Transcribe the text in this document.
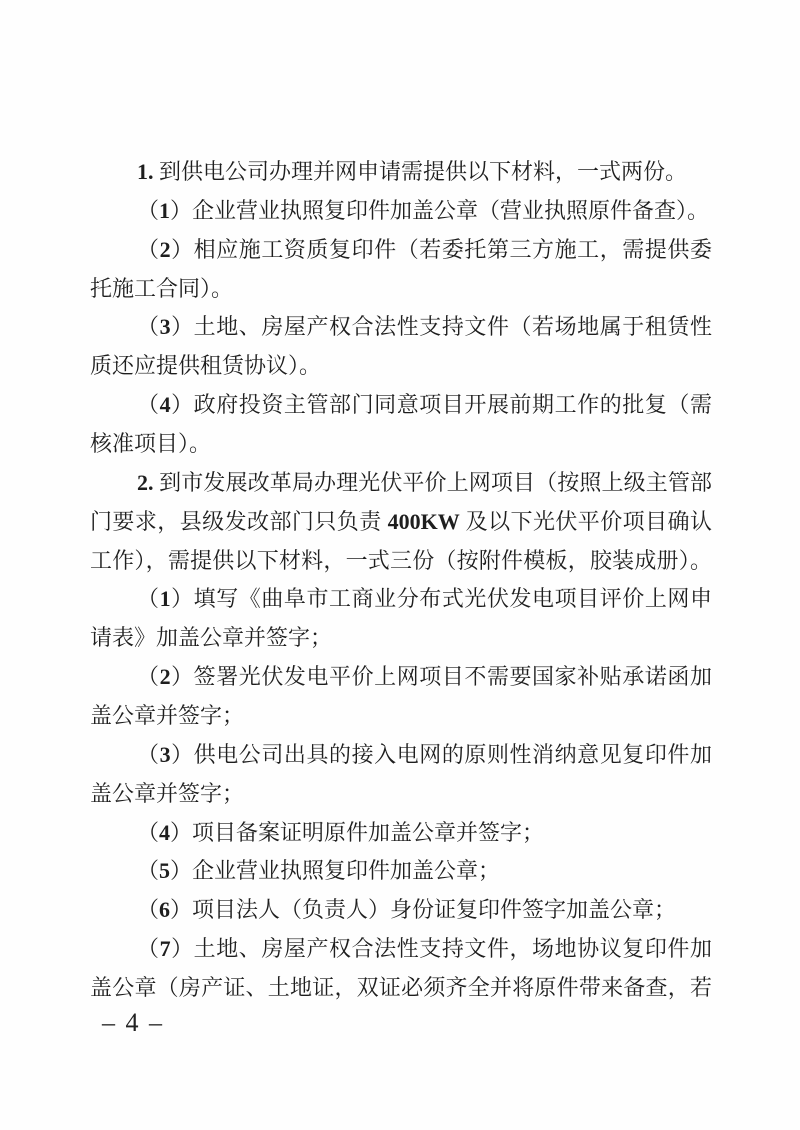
1. 到供电公司办理并网申请需提供以下材料，一式两份。
（1）企业营业执照复印件加盖公章（营业执照原件备查）。
（2）相应施工资质复印件（若委托第三方施工，需提供委
托施工合同）。
（3）土地、房屋产权合法性支持文件（若场地属于租赁性
质还应提供租赁协议）。
（4）政府投资主管部门同意项目开展前期工作的批复（需
核准项目）。
2. 到市发展改革局办理光伏平价上网项目（按照上级主管部
门要求，县级发改部门只负责 400KW 及以下光伏平价项目确认
工作），需提供以下材料，一式三份（按附件模板，胶装成册）。
（1）填写《曲阜市工商业分布式光伏发电项目评价上网申
请表》加盖公章并签字；
（2）签署光伏发电平价上网项目不需要国家补贴承诺函加
盖公章并签字；
（3）供电公司出具的接入电网的原则性消纳意见复印件加
盖公章并签字；
（4）项目备案证明原件加盖公章并签字；
（5）企业营业执照复印件加盖公章；
（6）项目法人（负责人）身份证复印件签字加盖公章；
（7）土地、房屋产权合法性支持文件，场地协议复印件加
盖公章（房产证、土地证，双证必须齐全并将原件带来备查，若
– 4 –
